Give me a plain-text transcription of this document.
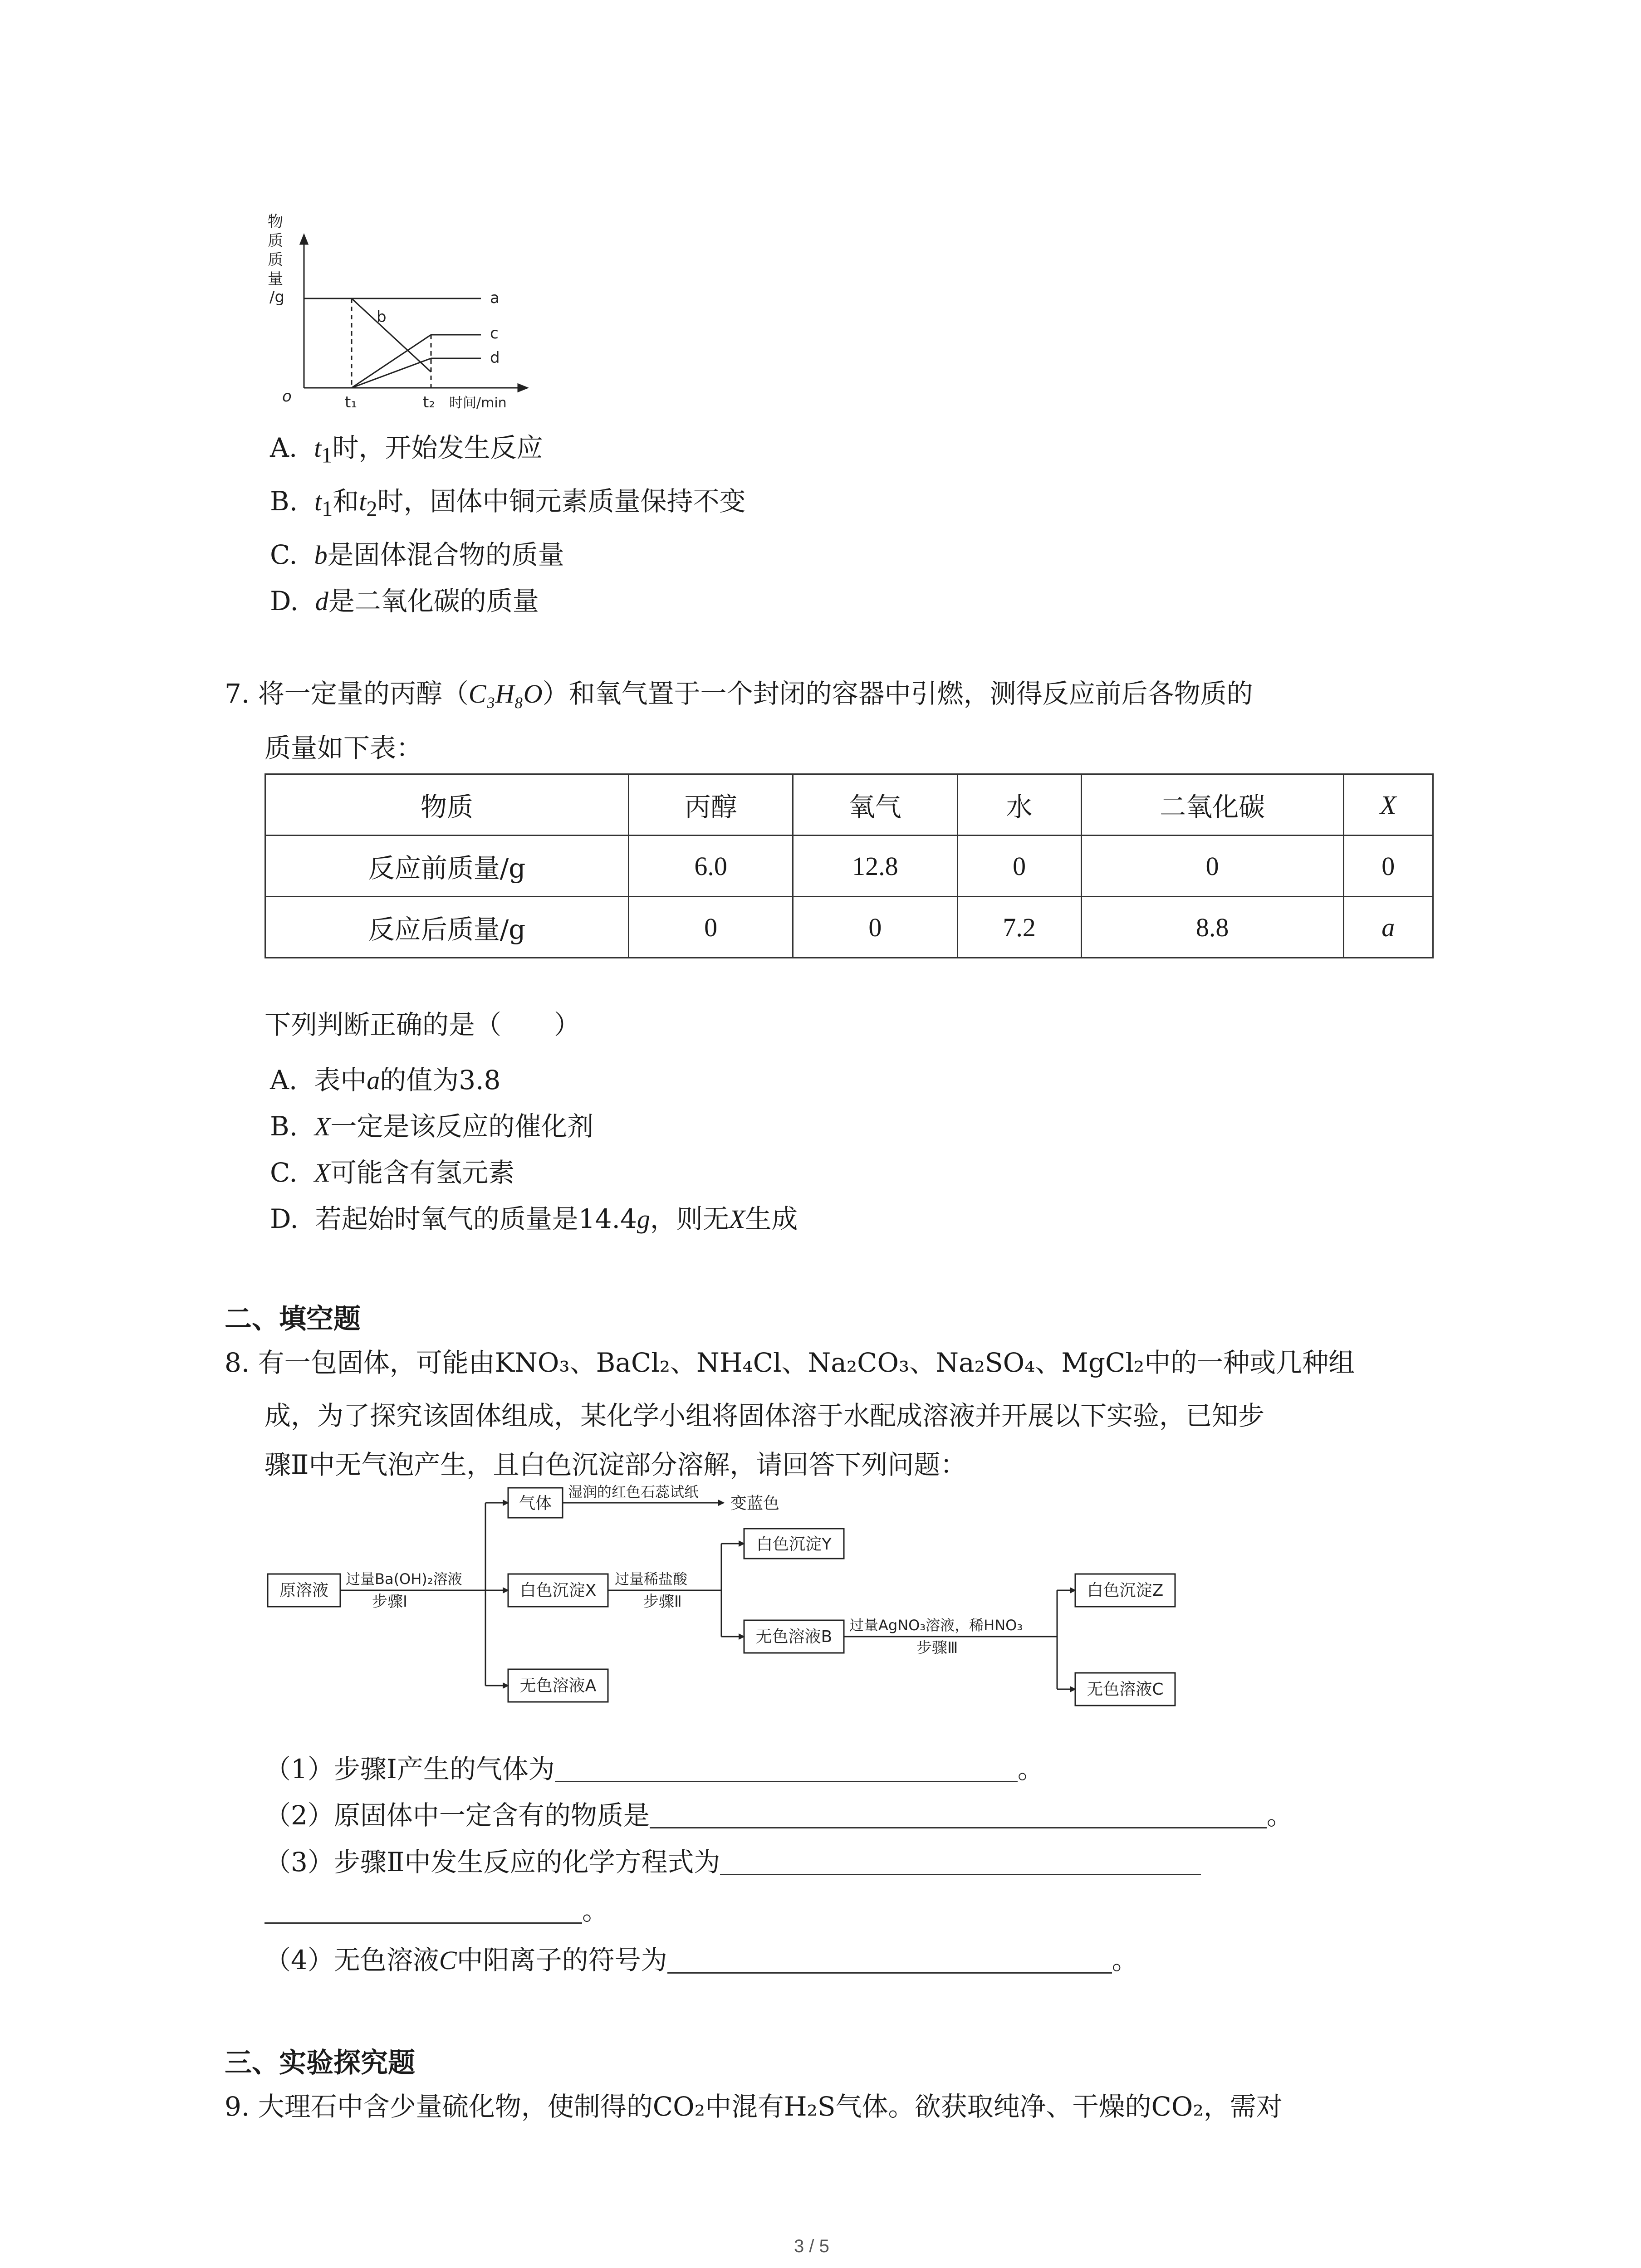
物
质
质
量
/g
o	t₁	t₂ 时间/min
a
b
c
d
A. $t_1$时，开始发生反应
B. $t_1$和$t_2$时，固体中铜元素质量保持不变
C. b是固体混合物的质量
D. d是二氧化碳的质量
7. 将一定量的丙醇（C₃H₈O）和氧气置于一个封闭的容器中引燃，测得反应前后各物质的
质量如下表：
物质	丙醇	氧气	水	二氧化碳	X
反应前质量/g	6.0	12.8	0	0	0
反应后质量/g	0	0	7.2	8.8	a
下列判断正确的是（　　）
A. 表中a的值为3.8
B. X一定是该反应的催化剂
C. X可能含有氢元素
D. 若起始时氧气的质量是14.4g，则无X生成
二、填空题
8. 有一包固体，可能由KNO₃、BaCl₂、NH₄Cl、Na₂CO₃、Na₂SO₄、MgCl₂中的一种或几种组
成，为了探究该固体组成，某化学小组将固体溶于水配成溶液并开展以下实验，已知步
骤Ⅱ中无气泡产生，且白色沉淀部分溶解，请回答下列问题：
原溶液
过量Ba(OH)₂溶液
步骤Ⅰ
气体
湿润的红色石蕊试纸
变蓝色
白色沉淀X
无色溶液A
过量稀盐酸
步骤Ⅱ
白色沉淀Y
无色溶液B
过量AgNO₃溶液，稀HNO₃
步骤Ⅲ
白色沉淀Z
无色溶液C
（1）步骤Ⅰ产生的气体为	。
（2）原固体中一定含有的物质是	。
（3）步骤Ⅱ中发生反应的化学方程式为
。
（4）无色溶液C中阳离子的符号为	。
三、实验探究题
9. 大理石中含少量硫化物，使制得的CO₂中混有H₂S气体。欲获取纯净、干燥的CO₂，需对
3 / 5
